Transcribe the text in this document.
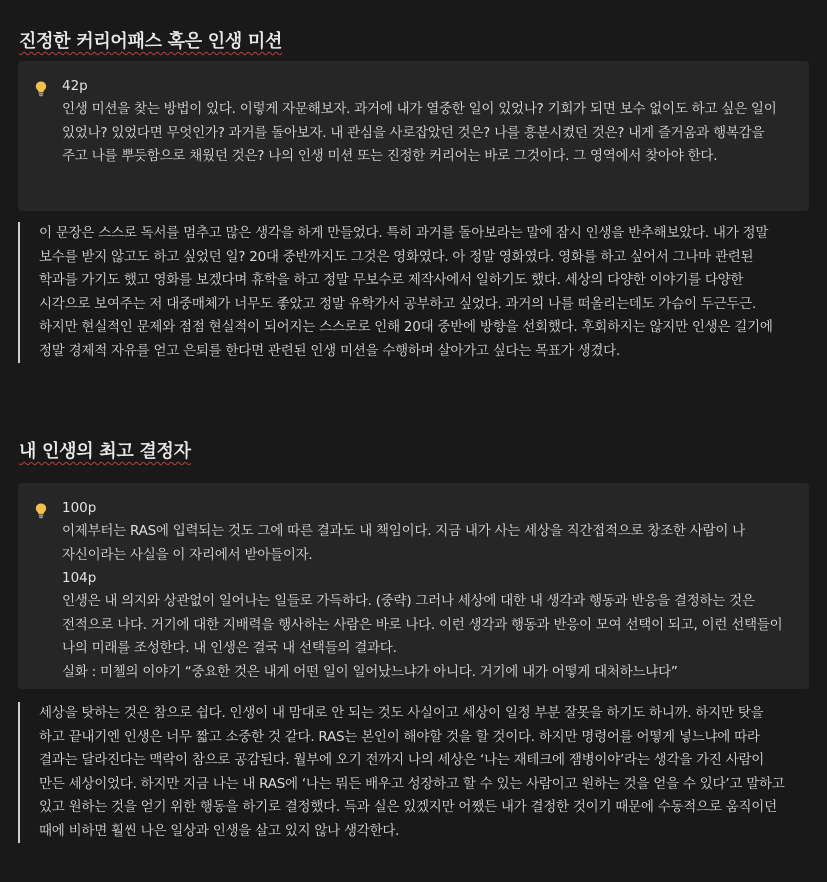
진정한 커리어패스 혹은 인생 미션
42p
인생 미션을 찾는 방법이 있다. 이렇게 자문해보자. 과거에 내가 열중한 일이 있었나? 기회가 되면 보수 없이도 하고 싶은 일이 있었나? 있었다면 무엇인가? 과거를 돌아보자. 내 관심을 사로잡았던 것은? 나를 흥분시켰던 것은? 내게 즐거움과 행복감을 주고 나를 뿌듯함으로 채웠던 것은? 나의 인생 미션 또는 진정한 커리어는 바로 그것이다. 그 영역에서 찾아야 한다.
이 문장은 스스로 독서를 멈추고 많은 생각을 하게 만들었다. 특히 과거를 돌아보라는 말에 잠시 인생을 반추해보았다. 내가 정말 보수를 받지 않고도 하고 싶었던 일? 20대 중반까지도 그것은 영화였다. 아 정말 영화였다. 영화를 하고 싶어서 그나마 관련된 학과를 가기도 했고 영화를 보겠다며 휴학을 하고 정말 무보수로 제작사에서 일하기도 했다. 세상의 다양한 이야기를 다양한 시각으로 보여주는 저 대중매체가 너무도 좋았고 정말 유학가서 공부하고 싶었다. 과거의 나를 떠올리는데도 가슴이 두근두근. 하지만 현실적인 문제와 점점 현실적이 되어지는 스스로로 인해 20대 중반에 방향을 선회했다. 후회하지는 않지만 인생은 길기에 정말 경제적 자유를 얻고 은퇴를 한다면 관련된 인생 미션을 수행하며 살아가고 싶다는 목표가 생겼다.
내 인생의 최고 결정자
100p
이제부터는 RAS에 입력되는 것도 그에 따른 결과도 내 책임이다. 지금 내가 사는 세상을 직간접적으로 창조한 사람이 나 자신이라는 사실을 이 자리에서 받아들이자.
104p
인생은 내 의지와 상관없이 일어나는 일들로 가득하다. (중략) 그러나 세상에 대한 내 생각과 행동과 반응을 결정하는 것은 전적으로 나다. 거기에 대한 지배력을 행사하는 사람은 바로 나다. 이런 생각과 행동과 반응이 모여 선택이 되고, 이런 선택들이 나의 미래를 조성한다. 내 인생은 결국 내 선택들의 결과다.
실화 : 미첼의 이야기 “중요한 것은 내게 어떤 일이 일어났느냐가 아니다. 거기에 내가 어떻게 대처하느냐다”
세상을 탓하는 것은 참으로 쉽다. 인생이 내 맘대로 안 되는 것도 사실이고 세상이 일정 부분 잘못을 하기도 하니까. 하지만 탓을 하고 끝내기엔 인생은 너무 짧고 소중한 것 같다. RAS는 본인이 해야할 것을 할 것이다. 하지만 명령어를 어떻게 넣느냐에 따라 결과는 달라진다는 맥락이 참으로 공감된다. 월부에 오기 전까지 나의 세상은 ‘나는 재테크에 잼병이야’라는 생각을 가진 사람이 만든 세상이었다. 하지만 지금 나는 내 RAS에 ‘나는 뭐든 배우고 성장하고 할 수 있는 사람이고 원하는 것을 얻을 수 있다’고 말하고 있고 원하는 것을 얻기 위한 행동을 하기로 결정했다. 득과 실은 있겠지만 어쨌든 내가 결정한 것이기 때문에 수동적으로 움직이던 때에 비하면 훨씬 나은 일상과 인생을 살고 있지 않나 생각한다.
